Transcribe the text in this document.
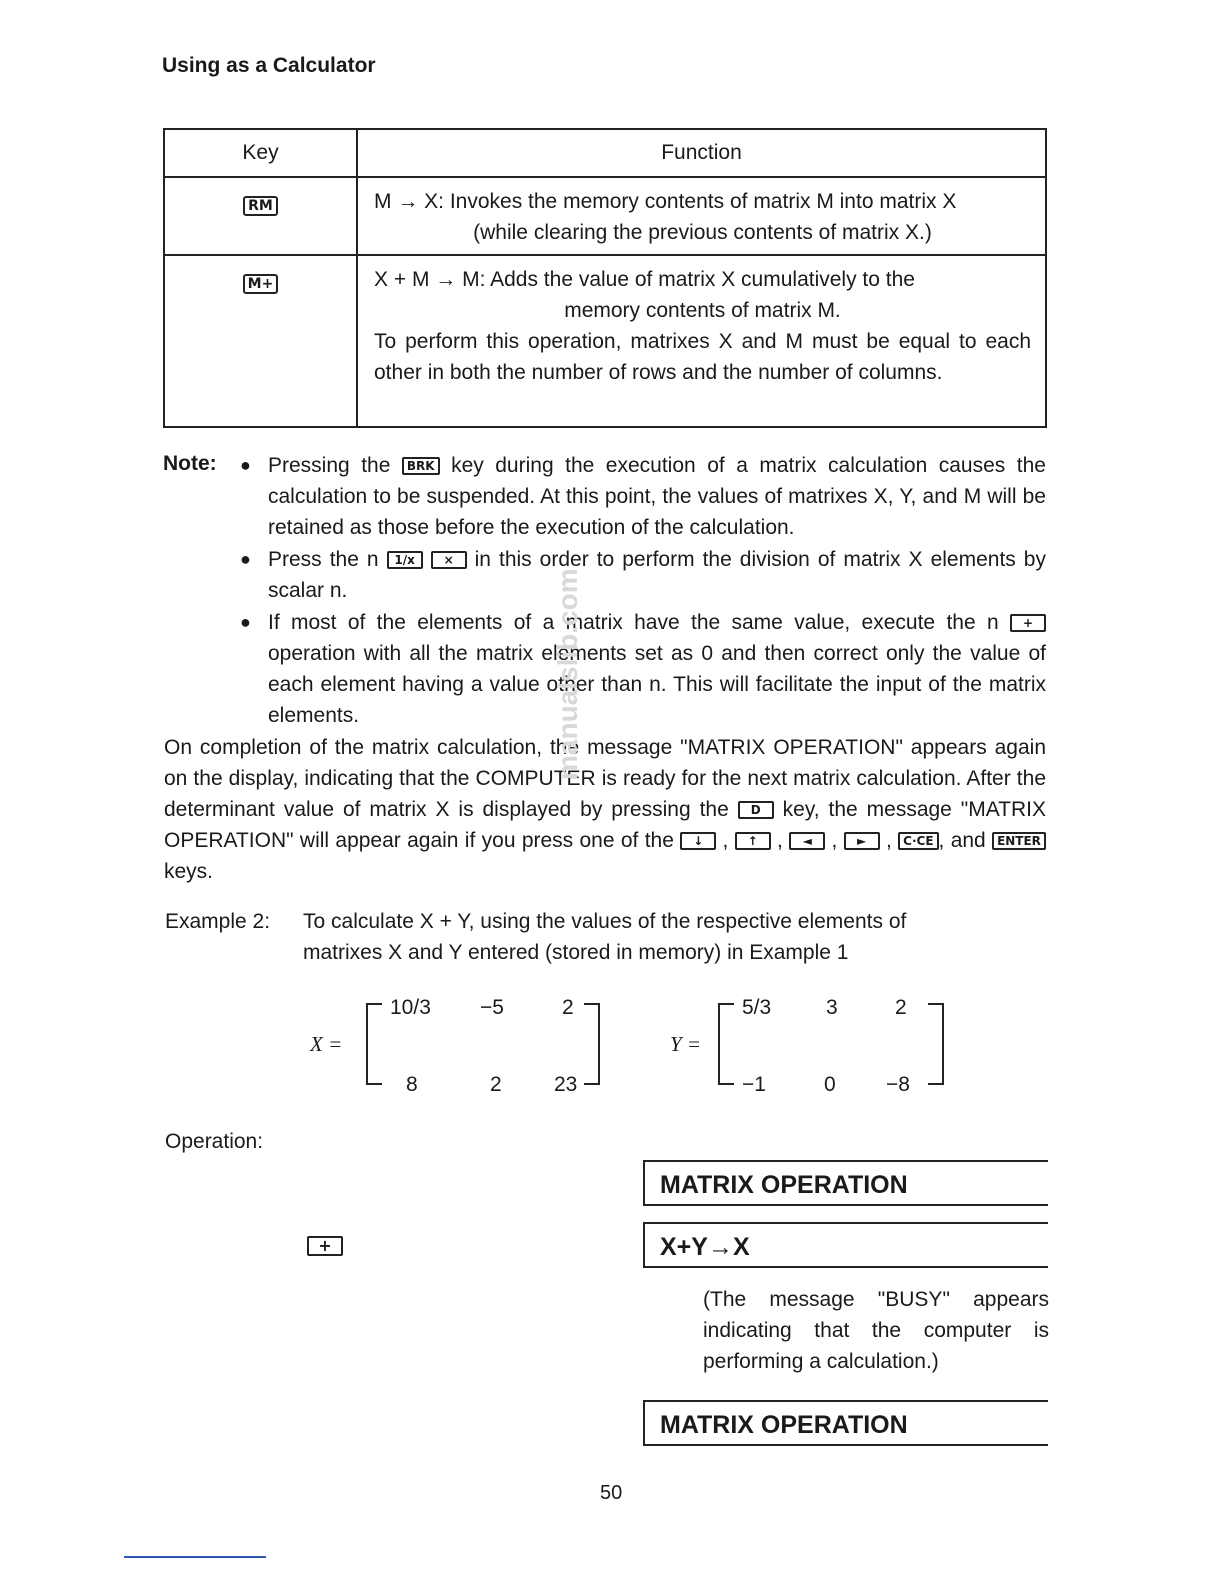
Using as a Calculator
Key	Function
RM	M → X: Invokes the memory contents of matrix M into matrix X
(while clearing the previous contents of matrix X.)

M+	X + M → M: Adds the value of matrix X cumulatively to the
memory contents of matrix M.
To perform this operation, matrixes X and M must be equal to each other in both the number of rows and the number of columns.
Note: ● Pressing the BRK key during the execution of a matrix calculation causes the calculation to be suspended. At this point, the values of matrixes X, Y, and M will be retained as those before the execution of the calculation.
● Press the n 1/x × in this order to perform the division of matrix X elements by scalar n.
● If most of the elements of a matrix have the same value, execute the n + operation with all the matrix elements set as 0 and then correct only the value of each element having a value other than n. This will facilitate the input of the matrix elements.
On completion of the matrix calculation, the message "MATRIX OPERATION" appears again on the display, indicating that the COMPUTER is ready for the next matrix calculation. After the determinant value of matrix X is displayed by pressing the D key, the message "MATRIX OPERATION" will appear again if you press one of the ↓ , ↑ , ◄ , ► , C·CE , and ENTER keys.
Example 2: To calculate X + Y, using the values of the respective elements of
matrixes X and Y entered (stored in memory) in Example 1
X =
10/3 −5	2
8	2 23
Y =
5/3	3	2
−1	0 −8
Operation:
MATRIX OPERATION
+	X+Y→X
(The message "BUSY" appears indicating that the computer is performing a calculation.)
MATRIX OPERATION
50
manualslib.com
